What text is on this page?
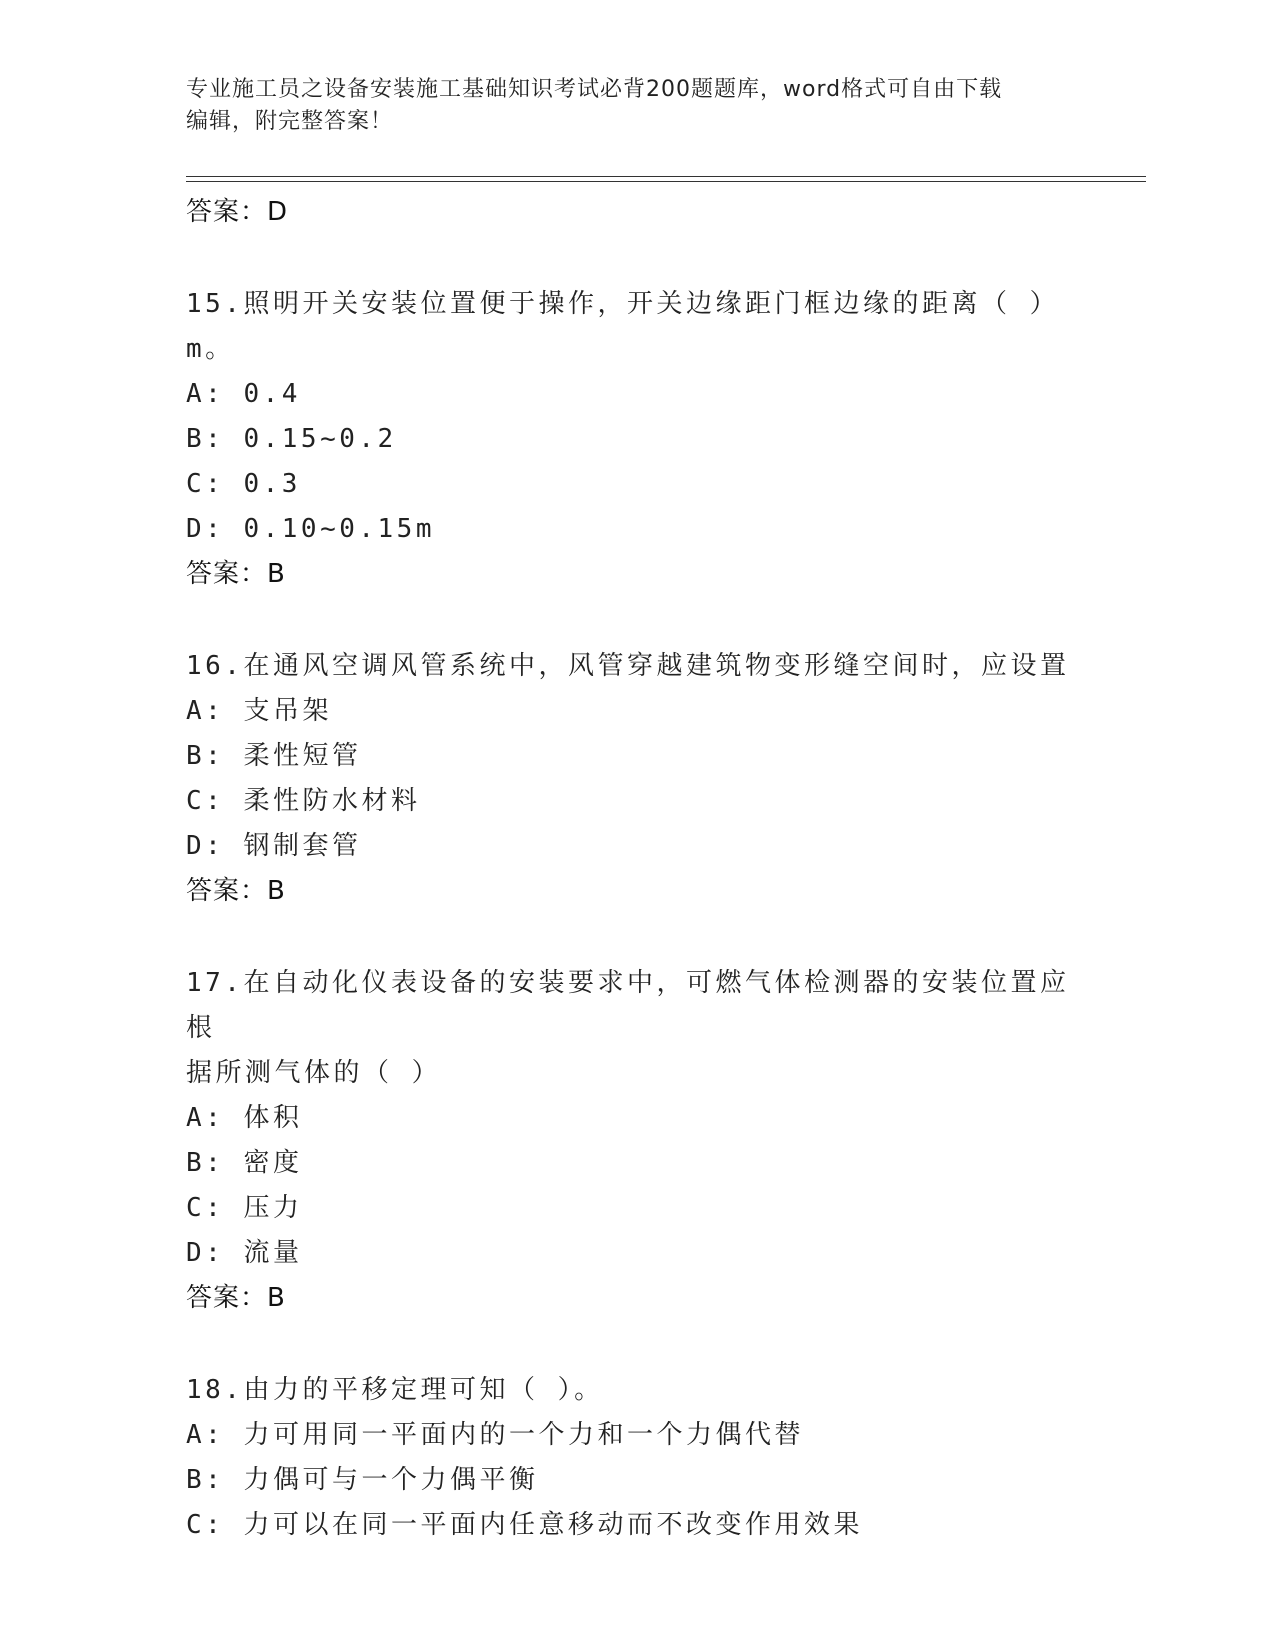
专业施工员之设备安装施工基础知识考试必背200题题库，word格式可自由下载
编辑，附完整答案！
答案：D
15.照明开关安装位置便于操作，开关边缘距门框边缘的距离（ ）m。
A: 0.4
B: 0.15~0.2
C: 0.3
D: 0.10~0.15m
答案：B
16.在通风空调风管系统中，风管穿越建筑物变形缝空间时，应设置
A: 支吊架
B: 柔性短管
C: 柔性防水材料
D: 钢制套管
答案：B
17.在自动化仪表设备的安装要求中，可燃气体检测器的安装位置应根
据所测气体的（ ）
A: 体积
B: 密度
C: 压力
D: 流量
答案：B
18.由力的平移定理可知（ ）。
A: 力可用同一平面内的一个力和一个力偶代替
B: 力偶可与一个力偶平衡
C: 力可以在同一平面内任意移动而不改变作用效果
